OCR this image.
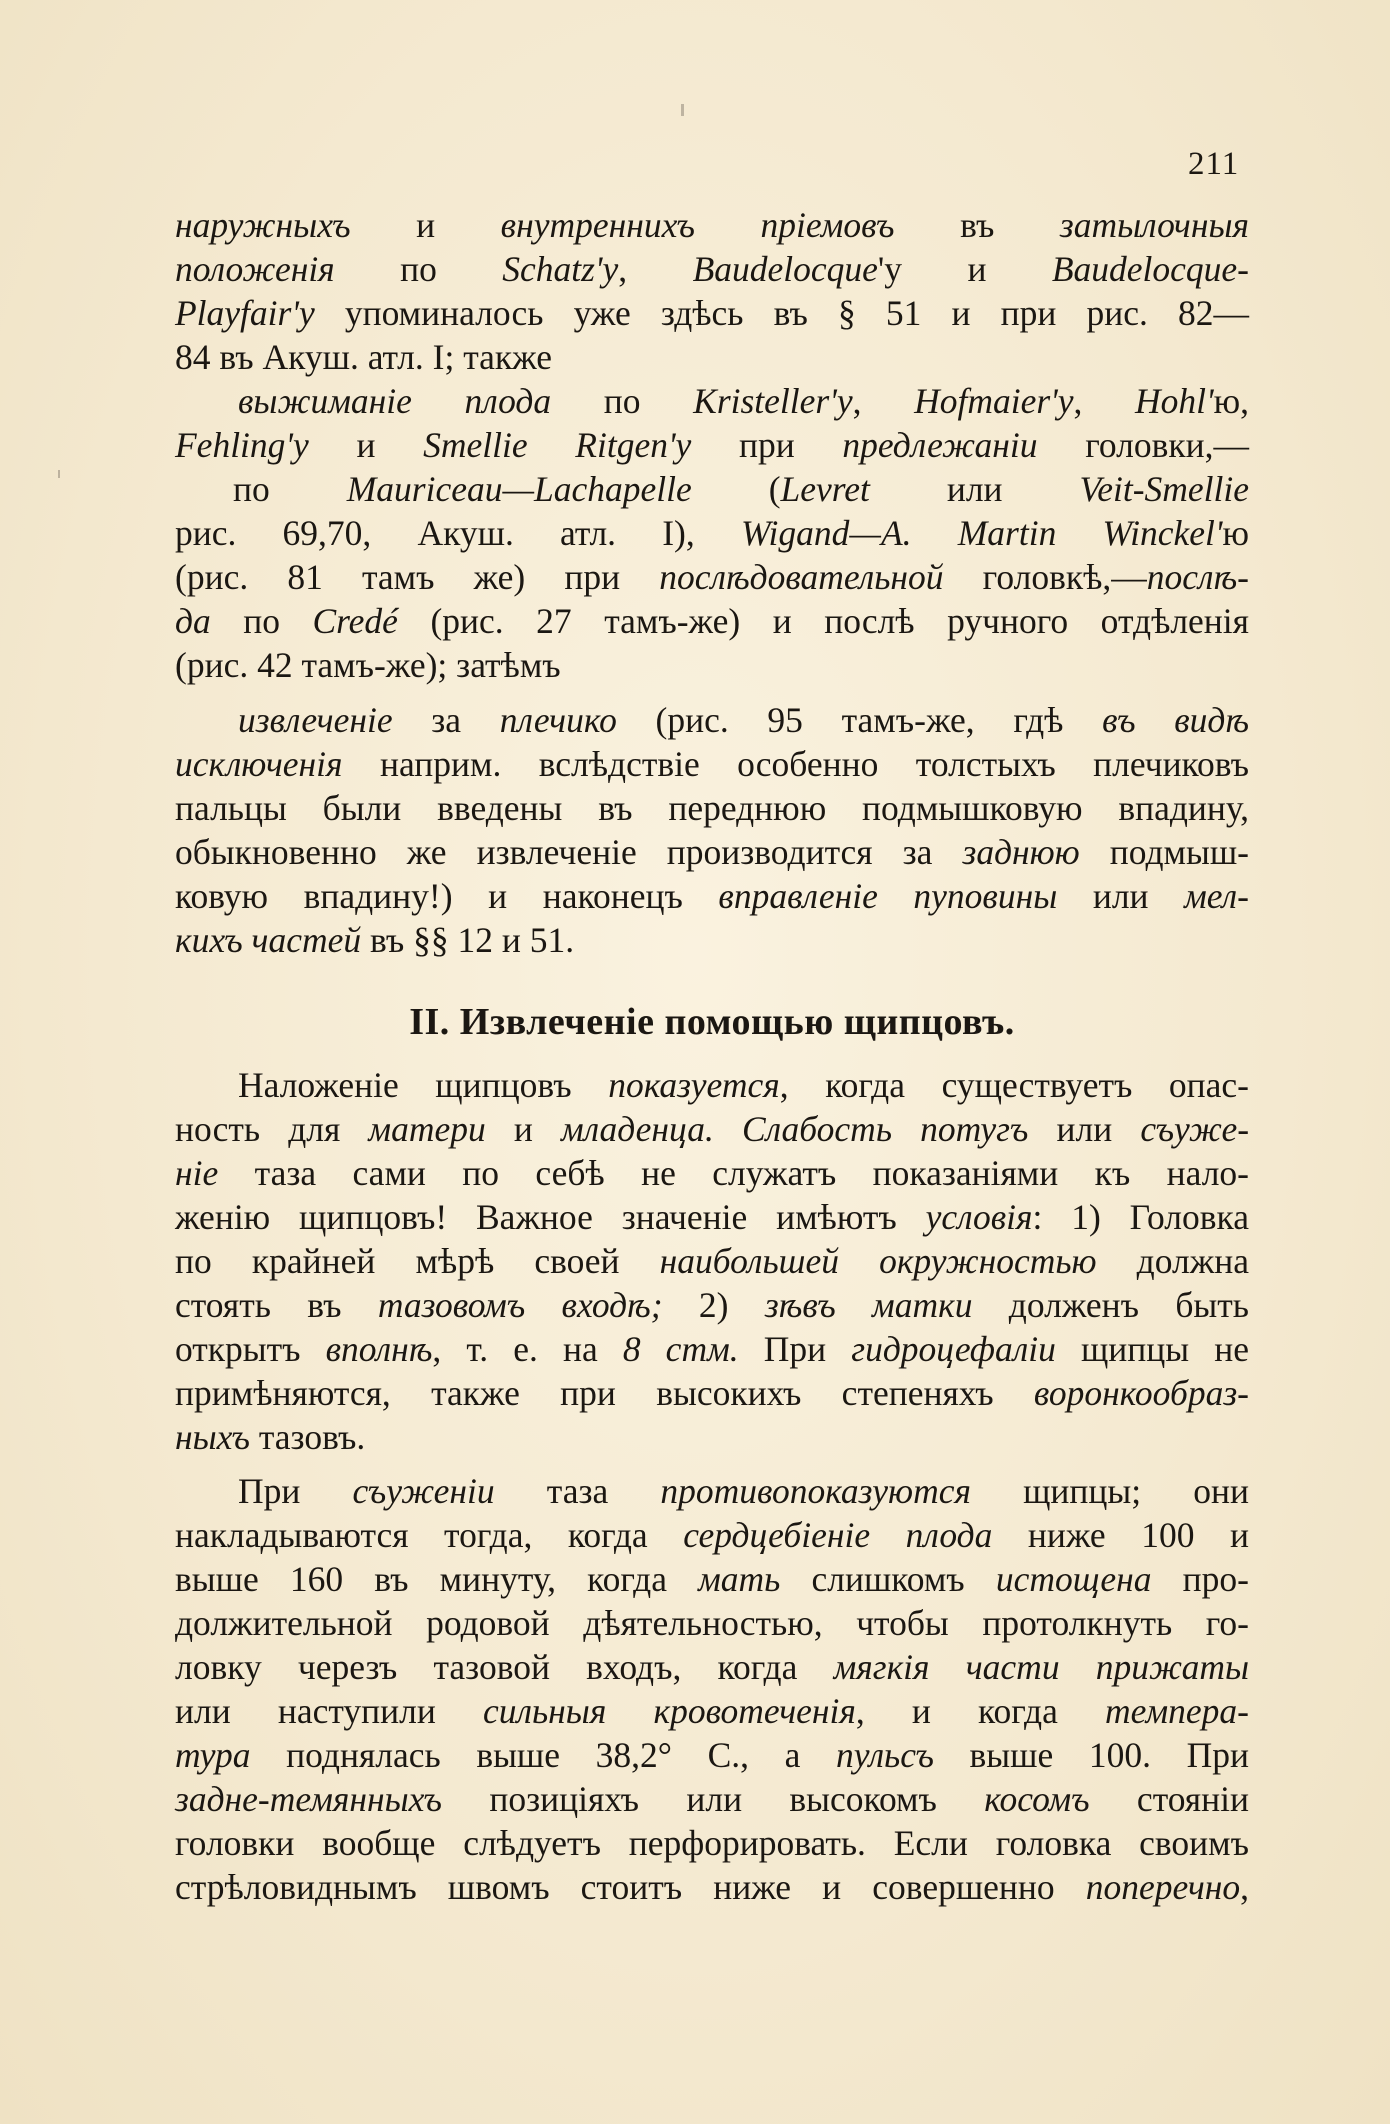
211
наружныхъ и внутреннихъ пріемовъ въ затылочныя
положенія по Schatz'у, Baudelocque'у и Baudelocque-
Playfair'у упоминалось уже здѣсь въ § 51 и при рис. 82—
84 въ Акуш. атл. I; также
выжиманіе плода по Kristeller'у, Hofmaier'у, Hohl'ю,
Fehling'у и Smellie Ritgen'у при предлежаніи головки,—
по Mauriceau—Lachapelle (Levret или Veit-Smellie
рис. 69,70, Акуш. атл. I), Wigand—A. Martin Winckel'ю
(рис. 81 тамъ же) при послѣдовательной головкѣ,—послѣ-
да по Credé (рис. 27 тамъ-же) и послѣ ручного отдѣленія
(рис. 42 тамъ-же); затѣмъ
извлеченіе за плечико (рис. 95 тамъ-же, гдѣ въ видѣ
исключенія наприм. вслѣдствіе особенно толстыхъ плечиковъ
пальцы были введены въ переднюю подмышковую впадину,
обыкновенно же извлеченіе производится за заднюю подмыш-
ковую впадину!) и наконецъ вправленіе пуповины или мел-
кихъ частей въ §§ 12 и 51.
Наложеніе щипцовъ показуется, когда существуетъ опас-
ность для матери и младенца. Слабость потугъ или съуже-
ніе таза сами по себѣ не служатъ показаніями къ нало-
женію щипцовъ! Важное значеніе имѣютъ условія: 1) Головка
по крайней мѣрѣ своей наибольшей окружностью должна
стоять въ тазовомъ входѣ; 2) зѣвъ матки долженъ быть
открытъ вполнѣ, т. е. на 8 стм. При гидроцефаліи щипцы не
примѣняются, также при высокихъ степеняхъ воронкообраз-
ныхъ тазовъ.
При съуженіи таза противопоказуются щипцы; они
накладываются тогда, когда сердцебіеніе плода ниже 100 и
выше 160 въ минуту, когда мать слишкомъ истощена про-
должительной родовой дѣятельностью, чтобы протолкнуть го-
ловку черезъ тазовой входъ, когда мягкія части прижаты
или наступили сильныя кровотеченія, и когда темпера-
тура поднялась выше 38,2° С., а пульсъ выше 100. При
задне-темянныхъ позиціяхъ или высокомъ косомъ стояніи
головки вообще слѣдуетъ перфорировать. Если головка своимъ
стрѣловиднымъ швомъ стоитъ ниже и совершенно поперечно,
II. Извлеченіе помощью щипцовъ.
